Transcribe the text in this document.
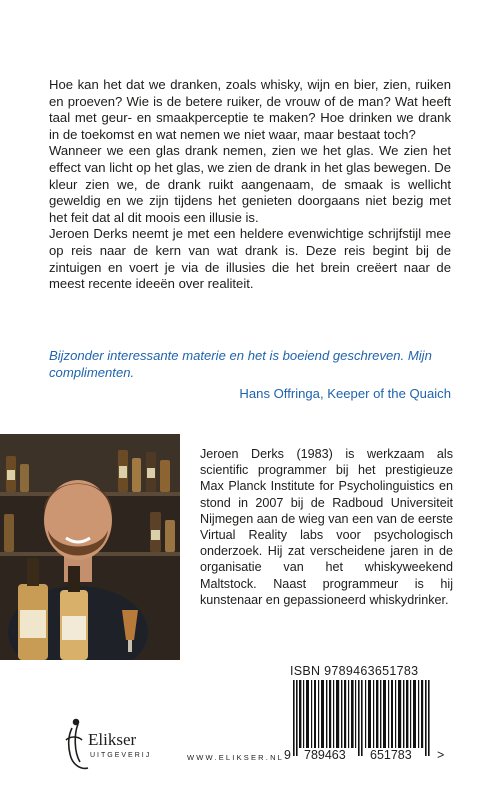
Hoe kan het dat we dranken, zoals whisky, wijn en bier, zien, ruiken en proeven? Wie is de betere ruiker, de vrouw of de man? Wat heeft taal met geur- en smaakperceptie te maken? Hoe drinken we drank in de toekomst en wat nemen we niet waar, maar bestaat toch?

Wanneer we een glas drank nemen, zien we het glas. We zien het effect van licht op het glas, we zien de drank in het glas bewegen. De kleur zien we, de drank ruikt aangenaam, de smaak is wellicht geweldig en we zijn tijdens het genieten doorgaans niet bezig met het feit dat al dit moois een illusie is.

Jeroen Derks neemt je met een heldere evenwichtige schrijfstijl mee op reis naar de kern van wat drank is. Deze reis begint bij de zintuigen en voert je via de illusies die het brein creëert naar de meest recente ideeën over realiteit.

Bijzonder interessante materie en het is boeiend geschreven. Mijn complimenten.

Hans Offringa, Keeper of the Quaich

Jeroen Derks (1983) is werkzaam als scientific programmer bij het prestigieuze Max Planck Institute for Psycholinguistics en stond in 2007 bij de Radboud Universiteit Nijmegen aan de wieg van een van de eerste Virtual Reality labs voor psychologisch onderzoek. Hij zat verscheidene jaren in de organisatie van het whiskyweekend Maltstock. Naast programmeur is hij kunstenaar en gepassioneerd whiskydrinker.

ISBN 9789463651783
9 789463 651783 >
Elikser
UITGEVERIJ	WWW.ELIKSER.NL
